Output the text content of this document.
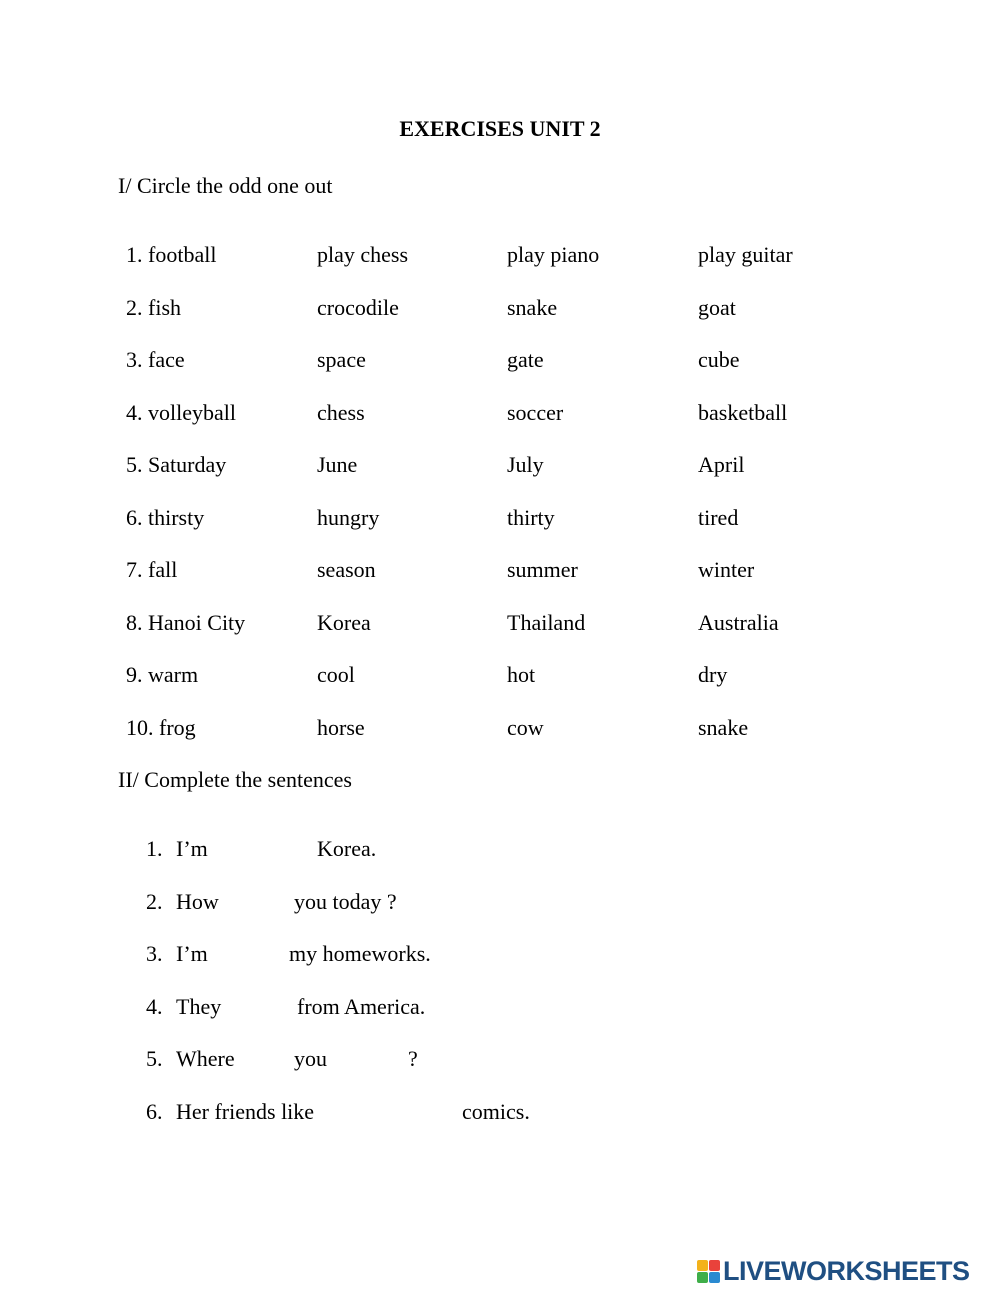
EXERCISES UNIT 2
I/ Circle the odd one out
1. football	play chess	play piano	play guitar
2. fish	crocodile	snake	goat
3. face	space	gate	cube
4. volleyball	chess	soccer	basketball
5. Saturday	June	July	April
6. thirsty	hungry	thirty	tired
7. fall	season	summer	winter
8. Hanoi City	Korea	Thailand	Australia
9. warm	cool	hot	dry
10. frog	horse	cow	snake
II/ Complete the sentences
1. I’m	Korea.
2. How	you today ?
3. I’m	my homeworks.
4. They	from America.
5. Where	you	?
6. Her friends like	comics.
LIVEWORKSHEETS
